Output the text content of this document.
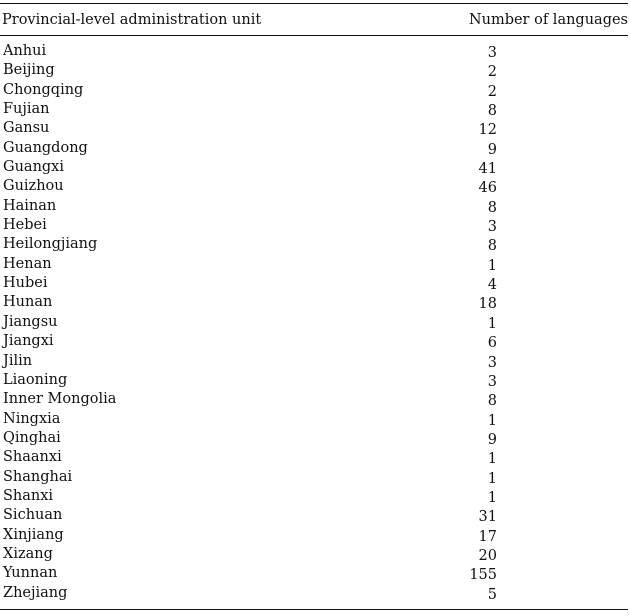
Provincial-level administration unit	Number of languages
Anhui	3
Beijing	2
Chongqing	2
Fujian	8
Gansu	12
Guangdong	9
Guangxi	41
Guizhou	46
Hainan	8
Hebei	3
Heilongjiang	8
Henan	1
Hubei	4
Hunan	18
Jiangsu	1
Jiangxi	6
Jilin	3
Liaoning	3
Inner Mongolia	8
Ningxia	1
Qinghai	9
Shaanxi	1
Shanghai	1
Shanxi	1
Sichuan	31
Xinjiang	17
Xizang	20
Yunnan	155
Zhejiang	5
